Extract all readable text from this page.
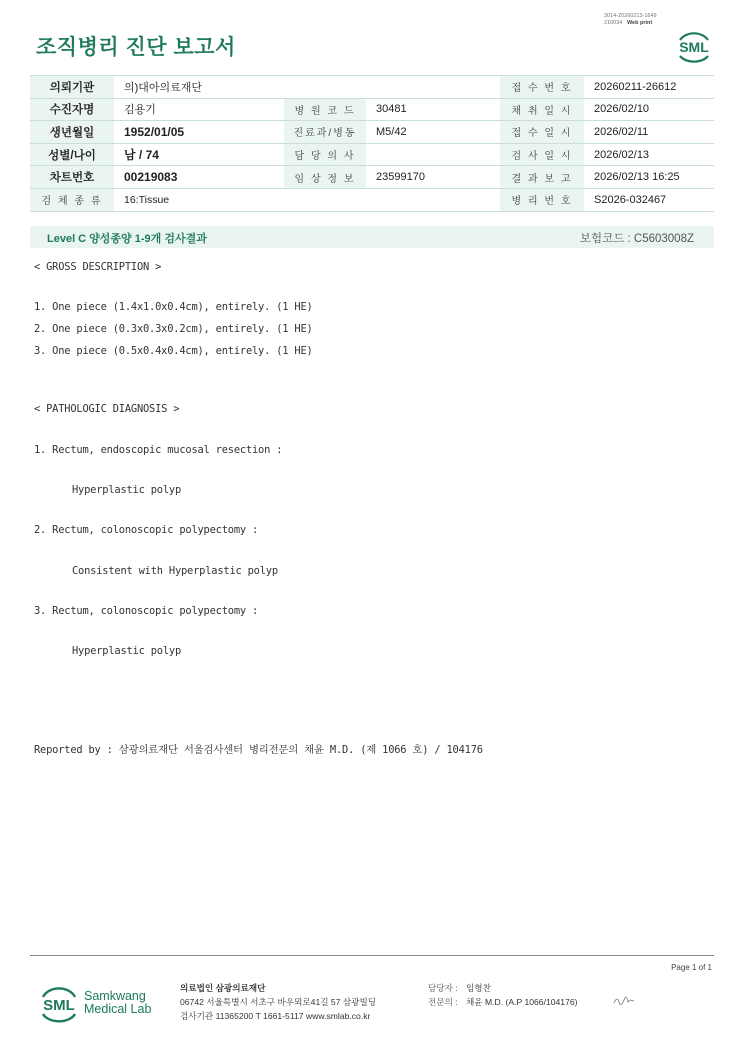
3014-20260213-1649
210034 Web print
조직병리 진단 보고서	SML
의뢰기관	의)대아의료재단			접 수 번 호	20260211-26612
수진자명	김용기	병 원 코 드	30481	채 취 일 시	2026/02/10
생년월일	1952/01/05	진료과/병동	M5/42	접 수 일 시	2026/02/11
성별/나이	남 / 74	담 당 의 사		검 사 일 시	2026/02/13
차트번호	00219083	임 상 정 보	23599170	결 과 보 고	2026/02/13 16:25
검 체 종 류	16:Tissue			병 리 번 호	S2026-032467
Level C 양성종양 1-9개 검사결과	보험코드 : C5603008Z
< GROSS DESCRIPTION >
1. One piece (1.4x1.0x0.4cm), entirely. (1 HE)
2. One piece (0.3x0.3x0.2cm), entirely. (1 HE)
3. One piece (0.5x0.4x0.4cm), entirely. (1 HE)
< PATHOLOGIC DIAGNOSIS >
1. Rectum, endoscopic mucosal resection :
Hyperplastic polyp
2. Rectum, colonoscopic polypectomy :
Consistent with Hyperplastic polyp
3. Rectum, colonoscopic polypectomy :
Hyperplastic polyp
Reported by : 삼광의료재단 서울검사센터 병리전문의 채윤 M.D. (제 1066 호) / 104176
Page 1 of 1
SML
Samkwang
Medical Lab
의료법인 삼광의료재단
06742 서울특별시 서초구 바우뫼로41길 57 삼광빌딩
검사기관 11365200 T 1661-5117 www.smlab.co.kr
담당자 : 임형찬
전문의 : 채윤 M.D. (A.P 1066/104176)
